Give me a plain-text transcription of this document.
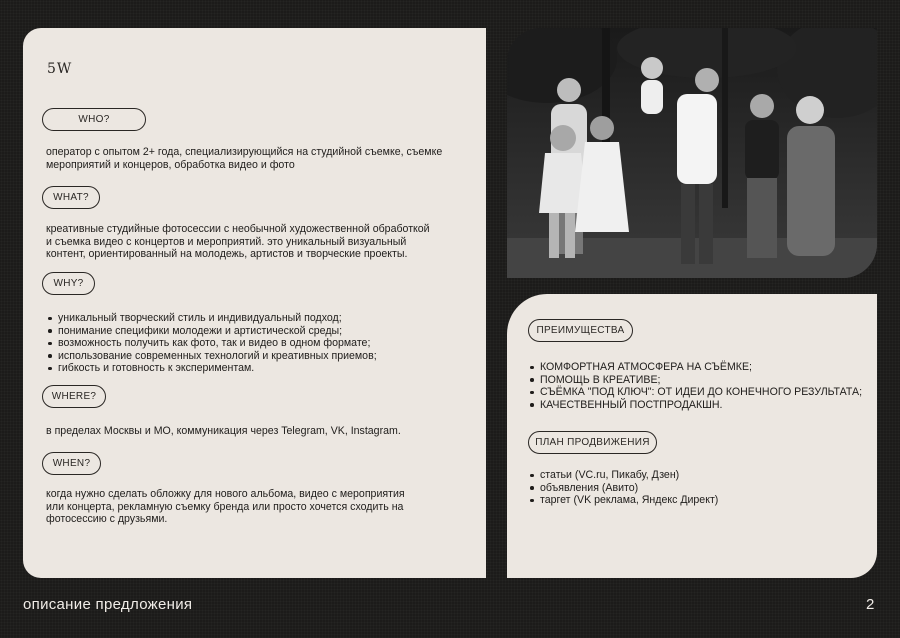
5W
WHO?
оператор с опытом 2+ года, специализирующийся на студийной съемке, съемке
мероприятий и концеров, обработка видео и фото
WHAT?
креативные студийные фотосессии с необычной художественной обработкой
и съемка видео с концертов и мероприятий. это уникальный визуальный
контент, ориентированный на молодежь, артистов и творческие проекты.
WHY?
уникальный творческий стиль и индивидуальный подход;
понимание специфики молодежи и артистической среды;
возможность получить как фото, так и видео в одном формате;
использование современных технологий и креативных приемов;
гибкость и готовность к экспериментам.
WHERE?
в пределах Москвы и МО, коммуникация через Telegram, VK, Instagram.
WHEN?
когда нужно сделать обложку для нового альбома, видео с мероприятия
или концерта, рекламную съемку бренда или просто хочется сходить на
фотосессию с друзьями.
ПРЕИМУЩЕСТВА
КОМФОРТНАЯ АТМОСФЕРА НА СЪЁМКЕ;
ПОМОЩЬ В КРЕАТИВЕ;
СЪЁМКА "ПОД КЛЮЧ": ОТ ИДЕИ ДО КОНЕЧНОГО РЕЗУЛЬТАТА;
КАЧЕСТВЕННЫЙ ПОСТПРОДАКШН.
ПЛАН ПРОДВИЖЕНИЯ
статьи (VC.ru, Пикабу, Дзен)
объявления (Авито)
таргет (VK реклама, Яндекс Директ)
описание предложения	2
